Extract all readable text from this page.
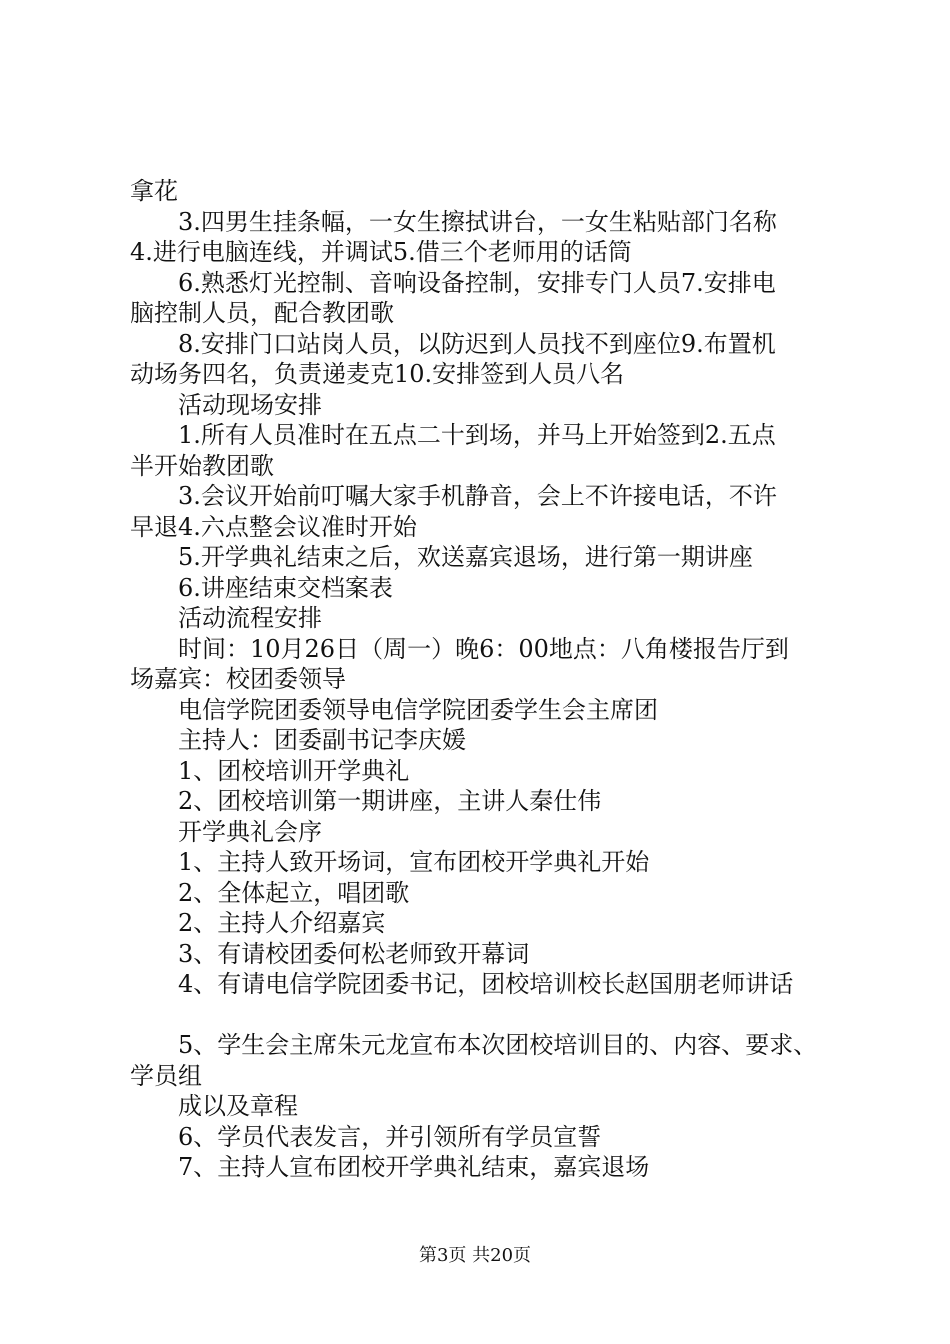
拿花
3.四男生挂条幅，一女生擦拭讲台，一女生粘贴部门名称
4.进行电脑连线，并调试5.借三个老师用的话筒
6.熟悉灯光控制、音响设备控制，安排专门人员7.安排电
脑控制人员，配合教团歌
8.安排门口站岗人员，以防迟到人员找不到座位9.布置机
动场务四名，负责递麦克10.安排签到人员八名
活动现场安排
1.所有人员准时在五点二十到场，并马上开始签到2.五点
半开始教团歌
3.会议开始前叮嘱大家手机静音，会上不许接电话，不许
早退4.六点整会议准时开始
5.开学典礼结束之后，欢送嘉宾退场，进行第一期讲座
6.讲座结束交档案表
活动流程安排
时间：10月26日（周一）晚6：00地点：八角楼报告厅到
场嘉宾：校团委领导
电信学院团委领导电信学院团委学生会主席团
主持人：团委副书记李庆媛
1、团校培训开学典礼
2、团校培训第一期讲座，主讲人秦仕伟
开学典礼会序
1、主持人致开场词，宣布团校开学典礼开始
2、全体起立，唱团歌
2、主持人介绍嘉宾
3、有请校团委何松老师致开幕词
4、有请电信学院团委书记，团校培训校长赵国朋老师讲话
5、学生会主席朱元龙宣布本次团校培训目的、内容、要求、
学员组
成以及章程
6、学员代表发言，并引领所有学员宣誓
7、主持人宣布团校开学典礼结束，嘉宾退场
第3页 共20页
